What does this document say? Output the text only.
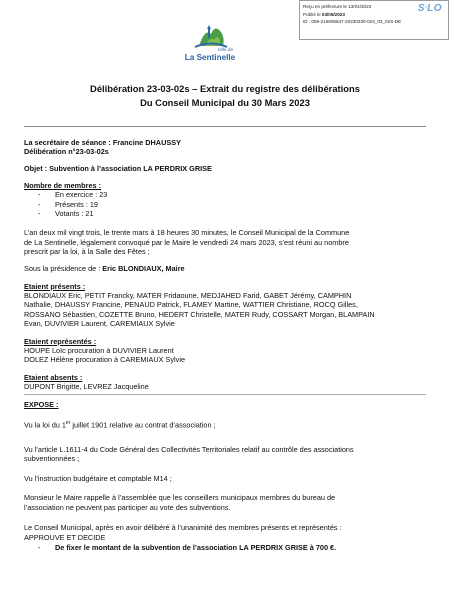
Reçu en préfecture le 13/04/2023
Publié le 03/05/2023
ID : 059-215905647-20230330-023_03_02S-DE
$S^{^2}LO$
Ville de
La Sentinelle
Délibération 23-03-02s – Extrait du registre des délibérations
Du Conseil Municipal du 30 Mars 2023
La secrétaire de séance : Francine DHAUSSY
Délibération n°23-03-02s
Objet : Subvention à l’association LA PERDRIX GRISE
Nombre de membres :
- En exercice : 23
- Présents : 19
- Votants : 21
L’an deux mil vingt trois, le trente mars à 18 heures 30 minutes, le Conseil Municipal de la Commune
de La Sentinelle, légalement convoqué par le Maire le vendredi 24 mars 2023, s’est réuni au nombre
prescrit par la loi, à la Salle des Fêtes ;
Sous la présidence de : Eric BLONDIAUX, Maire
Etaient présents :
BLONDIAUX Eric, PETIT Francky, MATER Fridaoune, MEDJAHED Farid, GABET Jérémy, CAMPHIN
Nathalie, DHAUSSY Francine, PENAUD Patrick, FLAMEY Martine, WATTIER Christiane, ROCQ Gilles,
ROSSANO Sébastien, COZETTE Bruno, HEDERT Christelle, MATER Rudy, COSSART Morgan, BLAMPAIN
Evan, DUVIVIER Laurent, CAREMIAUX Sylvie
Etaient représentés :
HOUPE Loïc procuration à DUVIVIER Laurent
DOLEZ Hélène procuration à CAREMIAUX Sylvie
Etaient absents :
DUPONT Brigitte, LEVREZ Jacqueline
EXPOSE :
Vu la loi du 1er juillet 1901 relative au contrat d’association ;
Vu l’article L.1611-4 du Code Général des Collectivités Territoriales relatif au contrôle des associations
subventionnées ;
Vu l’instruction budgétaire et comptable M14 ;
Monsieur le Maire rappelle à l’assemblée que les conseillers municipaux membres du bureau de
l’association ne peuvent pas participer au vote des subventions.
Le Conseil Municipal, après en avoir délibéré à l’unanimité des membres présents et représentés :
APPROUVE ET DECIDE
- De fixer le montant de la subvention de l’association LA PERDRIX GRISE à 700 €.
